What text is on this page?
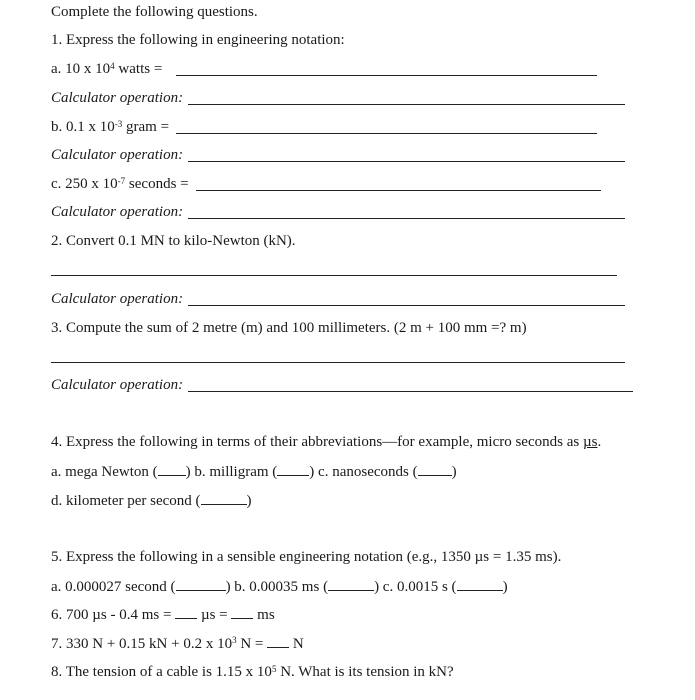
Complete the following questions.
1. Express the following in engineering notation:
a. 10 x $10^4$ watts =
Calculator operation:
b. 0.1 x $10^{-3}$ gram =
Calculator operation:
c. 250 x $10^{-7}$ seconds =
Calculator operation:
2. Convert 0.1 MN to kilo-Newton (kN).
Calculator operation:
3. Compute the sum of 2 metre (m) and 100 millimeters. (2 m + 100 mm =? m)
Calculator operation:
4. Express the following in terms of their abbreviations—for example, micro seconds as µs.
a. mega Newton ( ) b. milligram ( ) c. nanoseconds ( )
d. kilometer per second (	)
5. Express the following in a sensible engineering notation (e.g., 1350 µs = 1.35 ms).
a. 0.000027 second (	) b. 0.00035 ms (	) c. 0.0015 s (	)
6. 700 µs - 0.4 ms =  µs =  ms
7. 330 N + 0.15 kN + 0.2 x $10^3$ N =  N
8. The tension of a cable is 1.15 x $10^5$ N. What is its tension in kN?
